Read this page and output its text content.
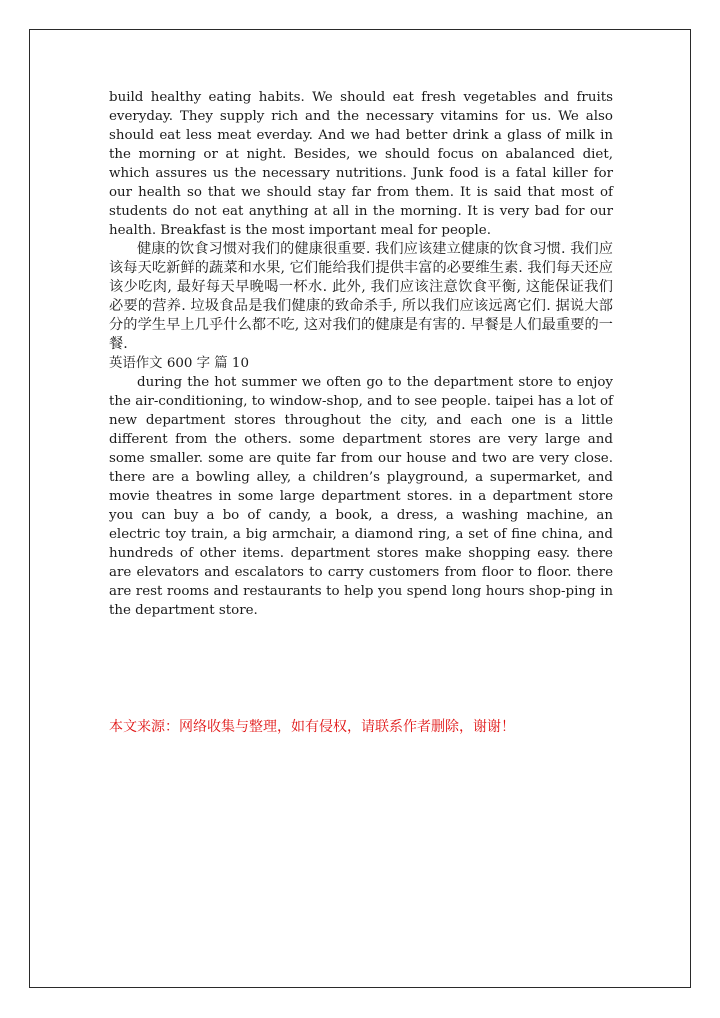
build healthy eating habits. We should eat fresh vegetables and fruits everyday. They supply rich and the necessary vitamins for us. We also should eat less meat everday. And we had better drink a glass of milk in the morning or at night. Besides, we should focus on abalanced diet, which assures us the necessary nutritions. Junk food is a fatal killer for our health so that we should stay far from them. It is said that most of students do not eat anything at all in the morning. It is very bad for our health. Breakfast is the most important meal for people.

健康的饮食习惯对我们的健康很重要. 我们应该建立健康的饮食习惯. 我们应该每天吃新鲜的蔬菜和水果, 它们能给我们提供丰富的必要维生素. 我们每天还应该少吃肉, 最好每天早晚喝一杯水. 此外, 我们应该注意饮食平衡, 这能保证我们必要的营养. 垃圾食品是我们健康的致命杀手, 所以我们应该远离它们. 据说大部分的学生早上几乎什么都不吃, 这对我们的健康是有害的. 早餐是人们最重要的一餐.

英语作文 600 字 篇 10

during the hot summer we often go to the department store to enjoy the air-conditioning, to window-shop, and to see people. taipei has a lot of new department stores throughout the city, and each one is a little different from the others. some department stores are very large and some smaller. some are quite far from our house and two are very close. there are a bowling alley, a children’s playground, a supermarket, and movie theatres in some large department stores. in a department store you can buy a bo of candy, a book, a dress, a washing machine, an electric toy train, a big armchair, a diamond ring, a set of fine china, and hundreds of other items. department stores make shopping easy. there are elevators and escalators to carry customers from floor to floor. there are rest rooms and restaurants to help you spend long hours shop-ping in the department store.

本文来源：网络收集与整理，如有侵权，请联系作者删除，谢谢！
